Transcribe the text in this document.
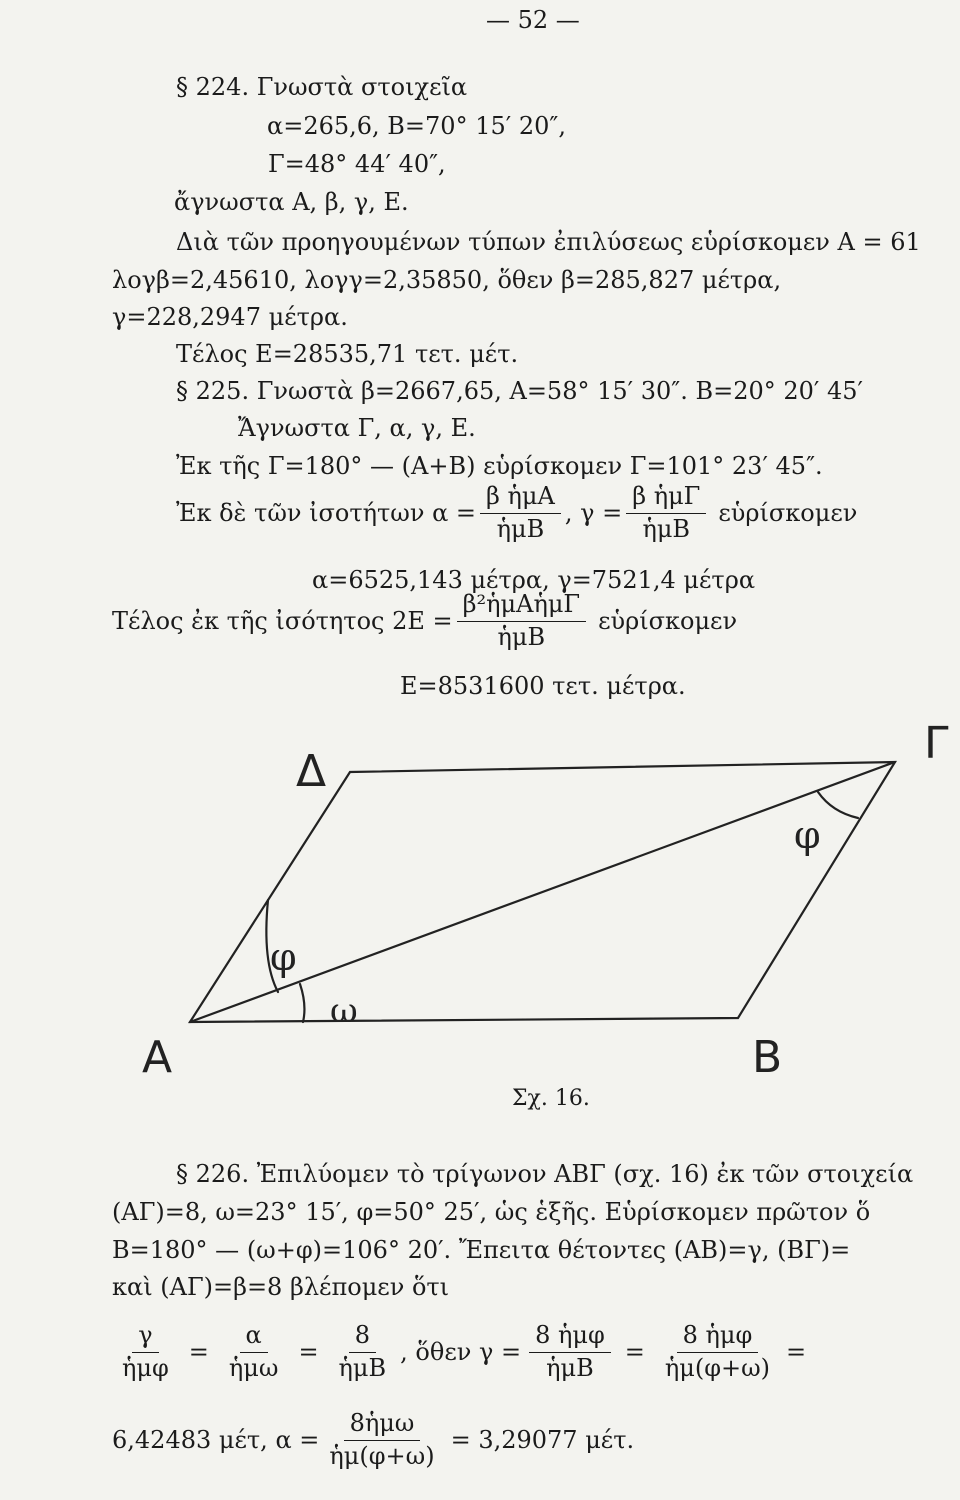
— 52 —
§ 224. Γνωστὰ στοιχεῖα
α=265,6, Β=70° 15′ 20″,
Γ=48° 44′ 40″,
ἄγνωστα Α, β, γ, Ε.
Διὰ τῶν προηγουμένων τύπων ἐπιλύσεως εὑρίσκομεν Α = 61
λογβ=2,45610, λογγ=2,35850, ὅθεν β=285,827 μέτρα,
γ=228,2947 μέτρα.
Τέλος Ε=28535,71 τετ. μέτ.
§ 225. Γνωστὰ β=2667,65, Α=58° 15′ 30″. Β=20° 20′ 45′
Ἄγνωστα Γ, α, γ, Ε.
Ἐκ τῆς Γ=180° — (Α+Β) εὑρίσκομεν Γ=101° 23′ 45″.
Ἐκ δὲ τῶν ἰσοτήτων $\alpha = \frac{\text{β ἡμΑ}}{\text{ἡμΒ}}$ , $\gamma = \frac{\text{β ἡμΓ}}{\text{ἡμΒ}}$ εὑρίσκομεν
α=6525,143 μέτρα, γ=7521,4 μέτρα
Τέλος ἐκ τῆς ἰσότητος $2E = \frac{\text{β²ἡμΑἡμΓ}}{\text{ἡμΒ}}$ εὑρίσκομεν
Ε=8531600 τετ. μέτρα.
Δ
Γ
A	B
φ
ω
φ
Σχ. 16.
§ 226. Ἐπιλύομεν τὸ τρίγωνον ΑΒΓ (σχ. 16) ἐκ τῶν στοιχεία
(ΑΓ)=8, ω=23° 15′, φ=50° 25′, ὡς ἑξῆς. Εὑρίσκομεν πρῶτον ὅ
Β=180° — (ω+φ)=106° 20′. Ἔπειτα θέτοντες (ΑΒ)=γ, (ΒΓ)=
καὶ (ΑΓ)=β=8 βλέπομεν ὅτι
$\frac{\gamma}{\text{ἡμφ}} = \frac{\alpha}{\text{ἡμω}} = \frac{8}{\text{ἡμΒ}}$ , ὅθεν $\gamma = \frac{\text{8 ἡμφ}}{\text{ἡμΒ}} = \frac{\text{8 ἡμφ}}{\text{ἡμ(φ+ω)}}$ =
6,42483 μέτ, $\alpha = \frac{\text{8ἡμω}}{\text{ἡμ(φ+ω)}} = 3,29077$ μέτ.
